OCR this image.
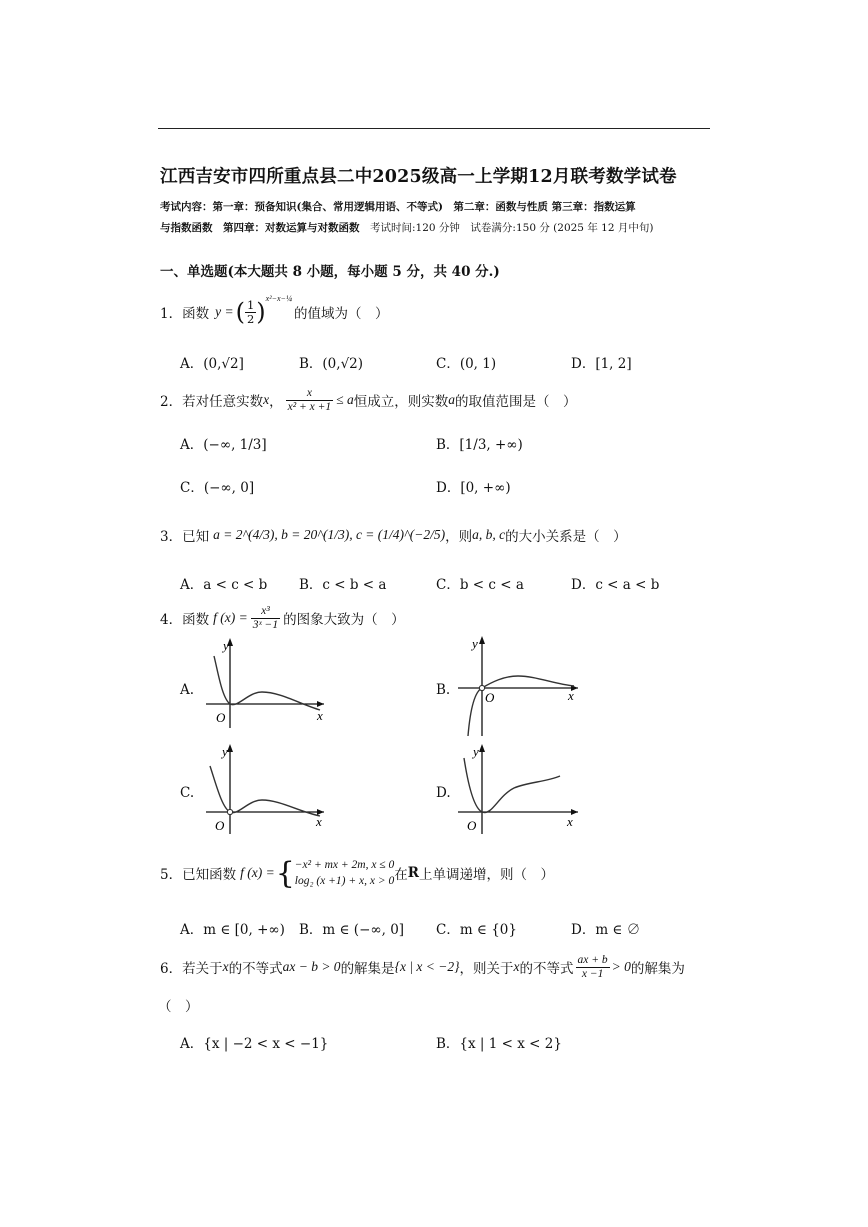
江西吉安市四所重点县二中2025级高一上学期12月联考数学试卷
考试内容：第一章：预备知识(集合、常用逻辑用语、不等式)　第二章：函数与性质 第三章：指数运算
与指数函数　第四章：对数运算与对数函数　考试时间:120 分钟　试卷满分:150 分 (2025 年 12 月中旬)
一、单选题(本大题共 8 小题，每小题 5 分，共 40 分.)
1．函数 y = ( $\frac{1}{2}$ ) x²−x−¼
的值域为（　）
A．(0,√2]	B．(0,√2)	C．(0, 1)	D．[1, 2]
2．若对任意实数 x ， $\frac{x}{\text{x² + x +1}} \le a$ 恒成立，则实数 a 的取值范围是（　）
A．(−∞, 1/3]	B．[1/3, +∞)
C．(−∞, 0]	D．[0, +∞)
3．已知 a = 2^(4/3), b = 20^(1/3), c = (1/4)^(−2/5) ，则 a, b, c 的大小关系是（　）
A．a < c < b B．c < b < a	C．b < c < a	D．c < a < b
4．函数 f $(x) = \frac{\text{x³}}{\text{3ˣ −1}}$ 的图象大致为（　）
A.	B.
C.	D.
y
x
O
y
x
O
y
x
O
y
x
O
5．已知函数 f (x) = { −x² + mx + 2m, x ≤ 0
log₂ (x +1) + x, x > 0 在 R 上单调递增，则（　）
A．m ∈ [0, +∞) B．m ∈ (−∞, 0] C．m ∈ {0}	D．m ∈ ∅
6．若关于 x 的不等式 ax − b > 0 的解集是 {x | x < −2} ，则关于 x 的不等式 $\frac{ax + b}{x -1} > 0$ 的解集为
（　）
A．{x | −2 < x < −1}	B．{x | 1 < x < 2}
